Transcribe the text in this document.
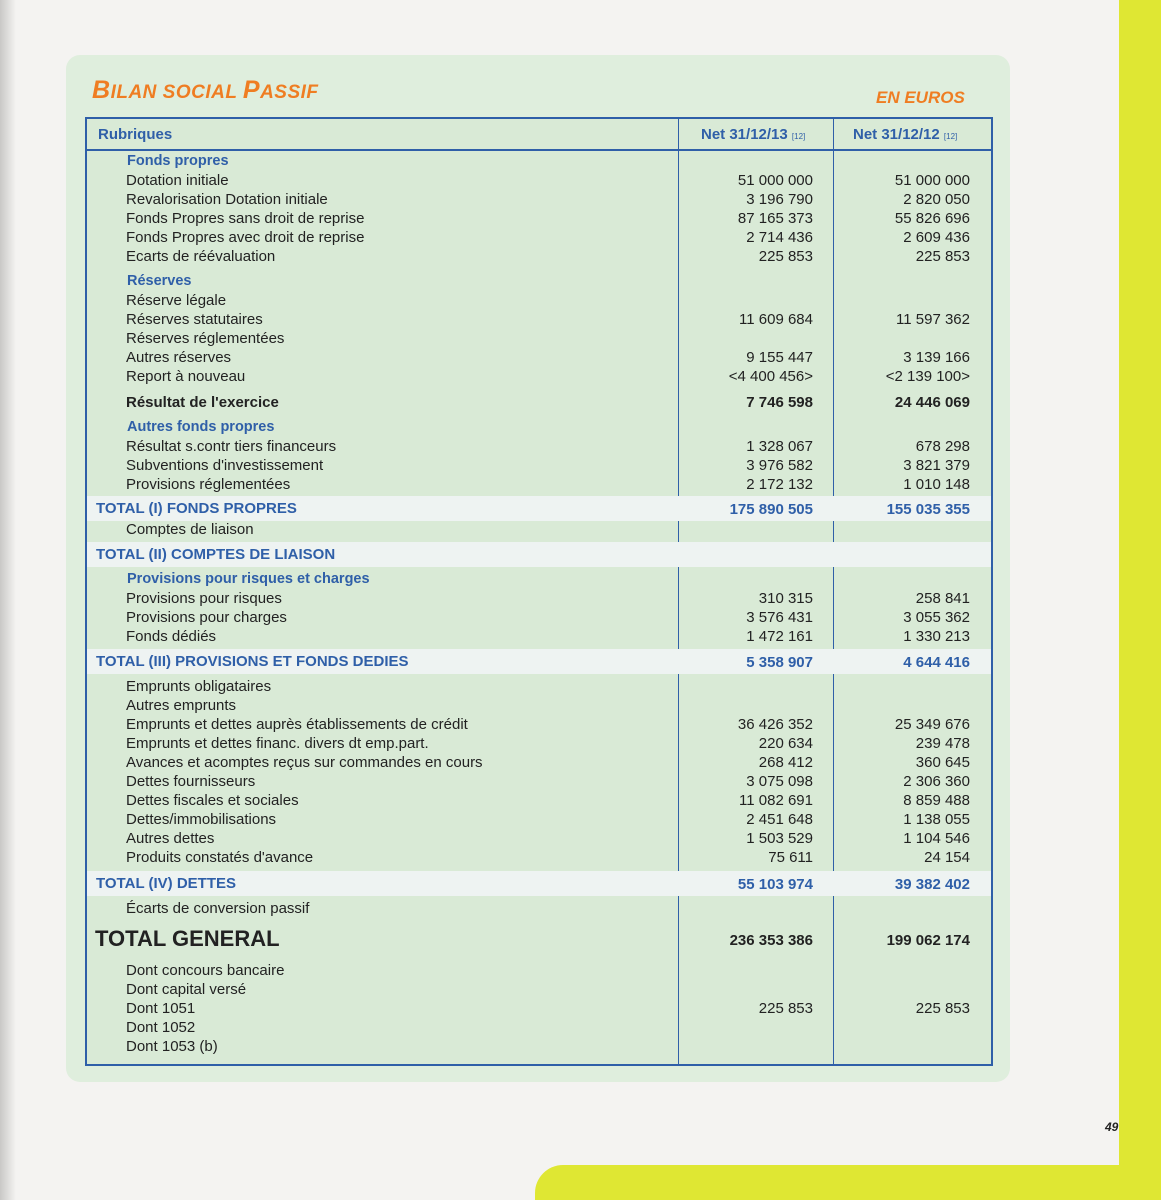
BILAN SOCIAL PASSIF	EN EUROS
Rubriques	Net 31/12/13 [12]	Net 31/12/12 [12]
Fonds propres
Dotation initiale	51 000 000	51 000 000
Revalorisation Dotation initiale	3 196 790	2 820 050
Fonds Propres sans droit de reprise	87 165 373	55 826 696
Fonds Propres avec droit de reprise	2 714 436	2 609 436
Ecarts de réévaluation	225 853	225 853
Réserves
Réserve légale
Réserves statutaires	11 609 684	11 597 362
Réserves réglementées
Autres réserves	9 155 447	3 139 166
Report à nouveau	<4 400 456>	<2 139 100>
Résultat de l'exercice	7 746 598	24 446 069
Autres fonds propres
Résultat s.contr tiers financeurs	1 328 067	678 298
Subventions d'investissement	3 976 582	3 821 379
Provisions réglementées	2 172 132	1 010 148
TOTAL (I) FONDS PROPRES	175 890 505	155 035 355
Comptes de liaison
TOTAL (II) COMPTES DE LIAISON
Provisions pour risques et charges
Provisions pour risques	310 315	258 841
Provisions pour charges	3 576 431	3 055 362
Fonds dédiés	1 472 161	1 330 213
TOTAL (III) PROVISIONS ET FONDS DEDIES	5 358 907	4 644 416
Emprunts obligataires
Autres emprunts
Emprunts et dettes auprès établissements de crédit	36 426 352	25 349 676
Emprunts et dettes financ. divers dt emp.part.	220 634	239 478
Avances et acomptes reçus sur commandes en cours	268 412	360 645
Dettes fournisseurs	3 075 098	2 306 360
Dettes fiscales et sociales	11 082 691	8 859 488
Dettes/immobilisations	2 451 648	1 138 055
Autres dettes	1 503 529	1 104 546
Produits constatés d'avance	75 611	24 154
TOTAL (IV) DETTES	55 103 974	39 382 402
Écarts de conversion passif
TOTAL GENERAL	236 353 386	199 062 174
Dont concours bancaire
Dont capital versé
Dont 1051	225 853	225 853
Dont 1052
Dont 1053 (b)
49
